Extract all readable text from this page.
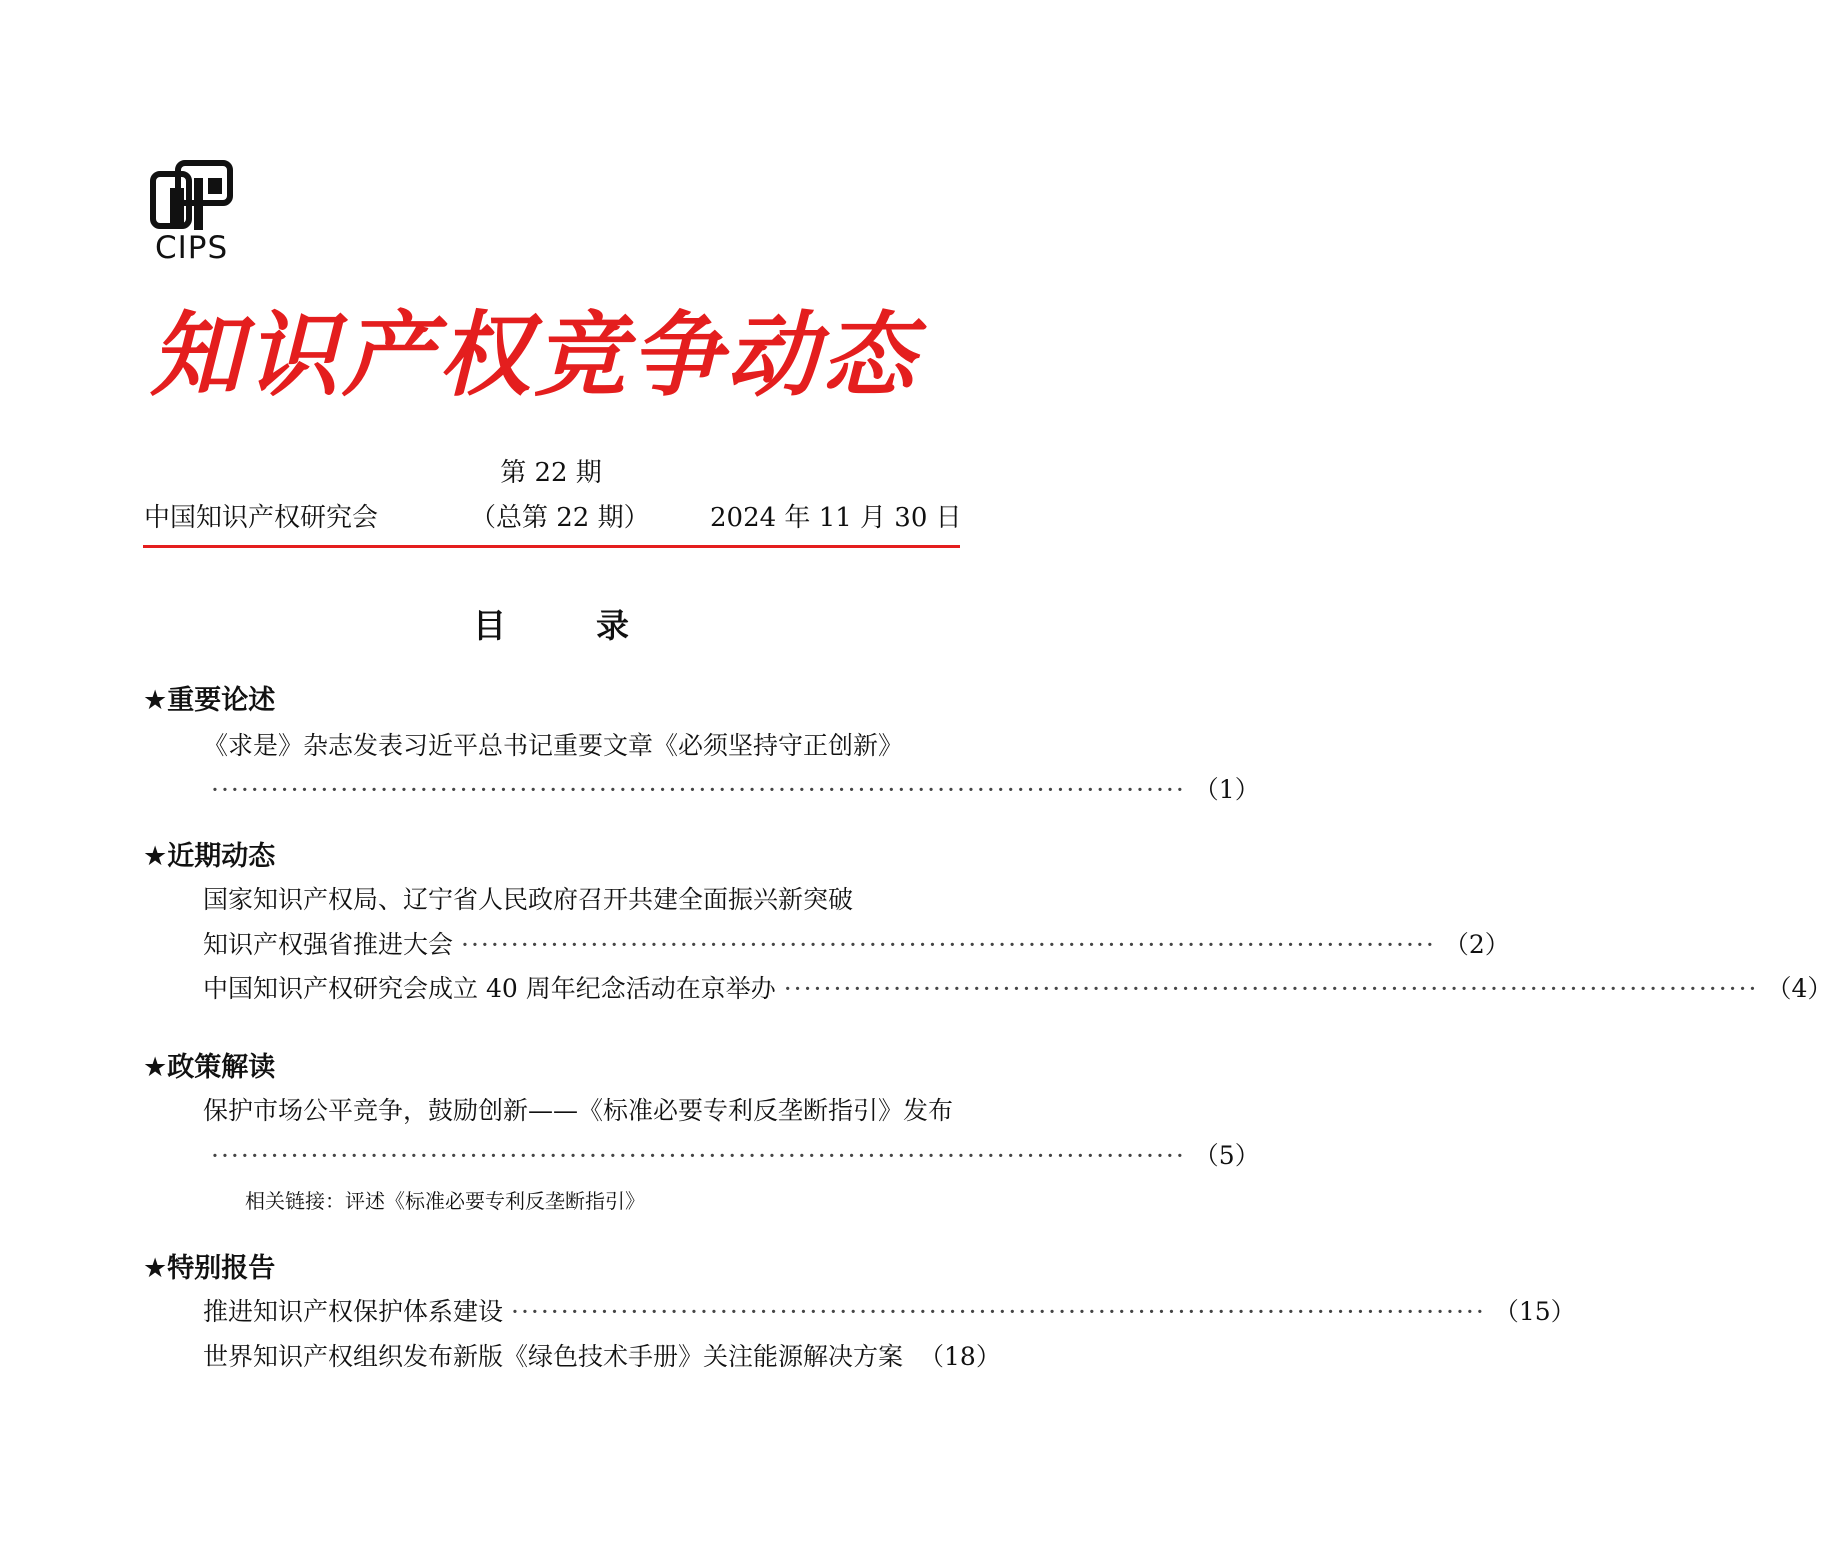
CIPS
知识产权竞争动态
第 22 期
中国知识产权研究会	（总第 22 期） 2024 年 11 月 30 日
目录
★重要论述
《求是》杂志发表习近平总书记重要文章《必须坚持守正创新》
·································································································· （1）
★近期动态
国家知识产权局、辽宁省人民政府召开共建全面振兴新突破
知识产权强省推进大会 ·································································································· （2）
中国知识产权研究会成立 40 周年纪念活动在京举办 ·································································································· （4）
★政策解读
保护市场公平竞争，鼓励创新——《标准必要专利反垄断指引》发布
·································································································· （5）
相关链接：评述《标准必要专利反垄断指引》
★特别报告
推进知识产权保护体系建设 ·································································································· （15）
世界知识产权组织发布新版《绿色技术手册》关注能源解决方案 （18）
